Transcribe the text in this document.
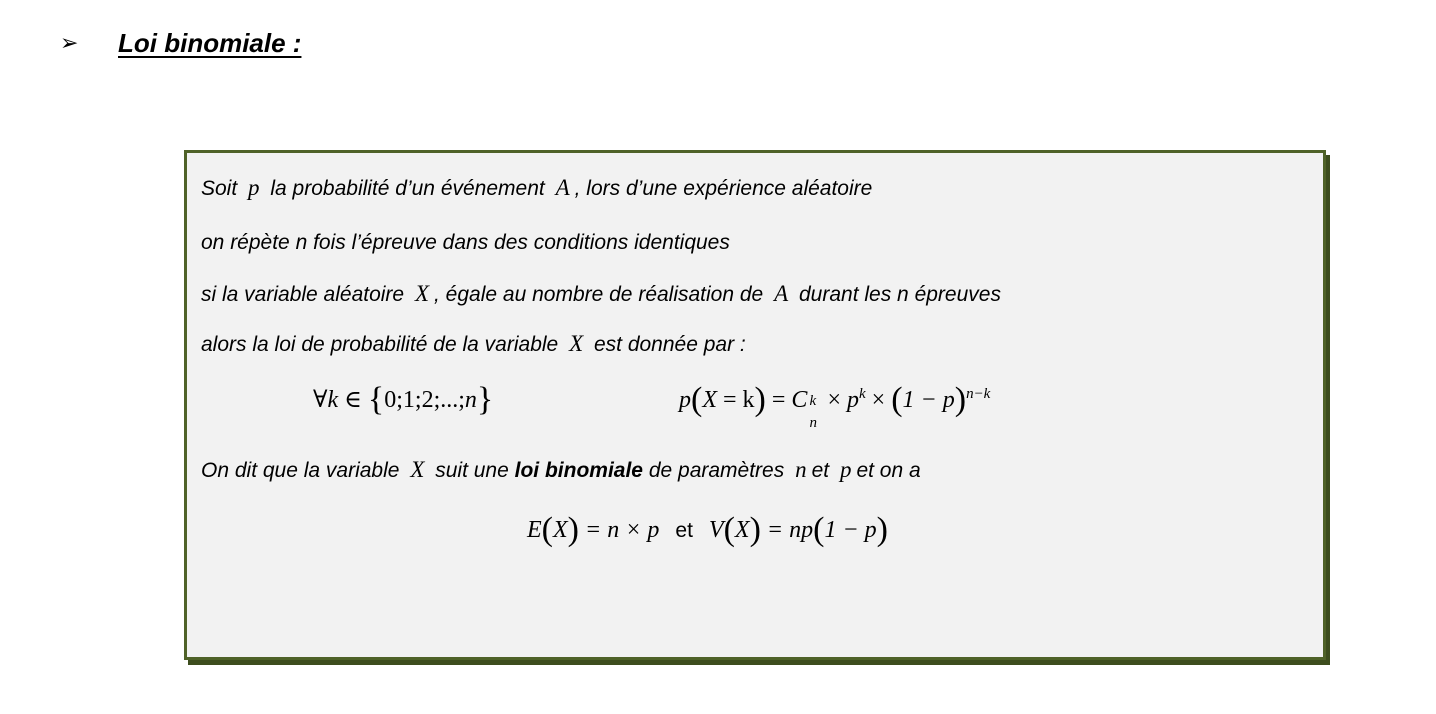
➢	Loi binomiale :
Soit p la probabilité d’un événement A , lors d’une expérience aléatoire
on répète n fois l’épreuve dans des conditions identiques
si la variable aléatoire X , égale au nombre de réalisation de A durant les n épreuves
alors la loi de probabilité de la variable X est donnée par :
∀k ∈ {0;1;2;...;n}	p(X = k) = C k
n
× $p^k \times (1 - p)^{n-k}$
On dit que la variable X suit une loi binomiale de paramètres n et p et on a
E(X) = n × p et V(X) = np(1 − p)
